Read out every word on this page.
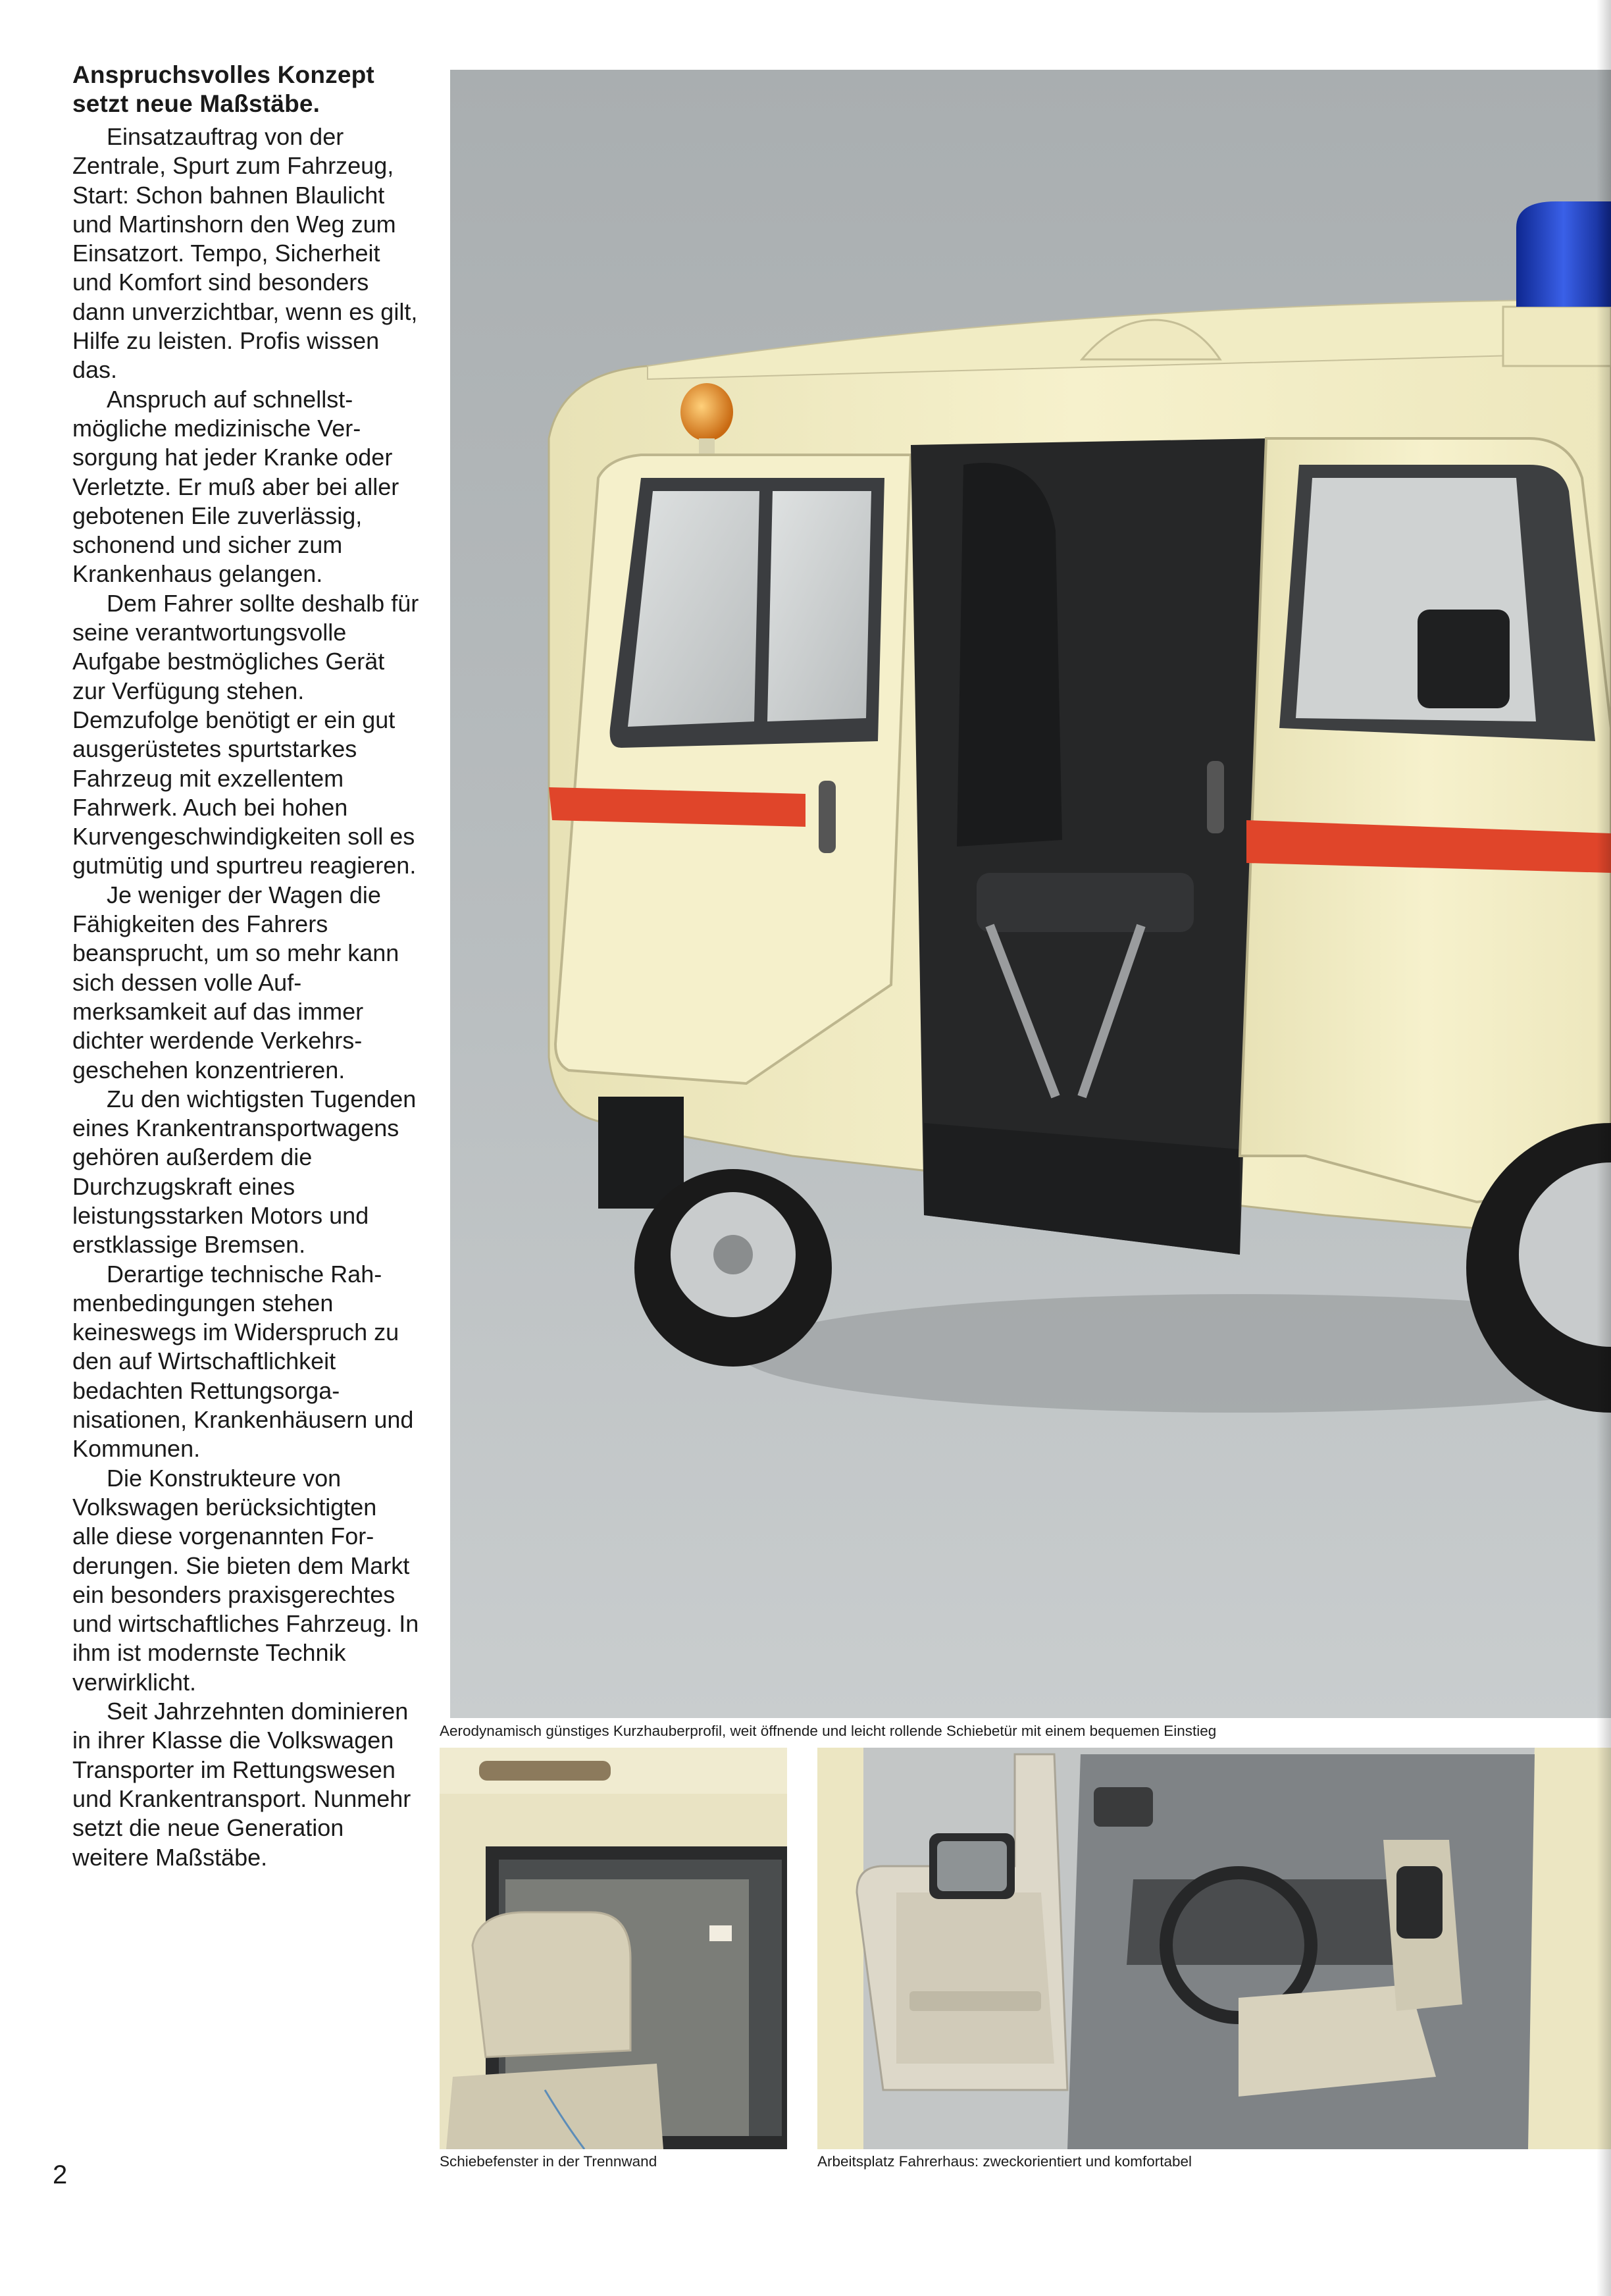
Anspruchsvolles Konzept setzt neue Maßstäbe.

Einsatzauftrag von der Zentrale, Spurt zum Fahrzeug, Start: Schon bahnen Blaulicht und Martinshorn den Weg zum Einsatzort. Tempo, Sicherheit und Komfort sind besonders dann unverzichtbar, wenn es gilt, Hilfe zu leisten. Profis wissen das.

Anspruch auf schnellstmögliche medizinische Versorgung hat jeder Kranke oder Verletzte. Er muß aber bei aller gebotenen Eile zuverlässig, schonend und sicher zum Krankenhaus gelangen.

Dem Fahrer sollte deshalb für seine verantwortungsvolle Aufgabe bestmögliches Gerät zur Verfügung stehen. Demzufolge benötigt er ein gut ausgerüstetes spurtstarkes Fahrzeug mit exzellentem Fahrwerk. Auch bei hohen Kurvengeschwindigkeiten soll es gutmütig und spurtreu reagieren.

Je weniger der Wagen die Fähigkeiten des Fahrers beansprucht, um so mehr kann sich dessen volle Aufmerksamkeit auf das immer dichter werdende Verkehrsgeschehen konzentrieren.

Zu den wichtigsten Tugenden eines Krankentransportwagens gehören außerdem die Durchzugskraft eines leistungsstarken Motors und erstklassige Bremsen.

Derartige technische Rahmenbedingungen stehen keineswegs im Widerspruch zu den auf Wirtschaftlichkeit bedachten Rettungsorganisationen, Krankenhäusern und Kommunen.

Die Konstrukteure von Volkswagen berücksichtigten alle diese vorgenannten Forderungen. Sie bieten dem Markt ein besonders praxisgerechtes und wirtschaftliches Fahrzeug. In ihm ist modernste Technik verwirklicht.

Seit Jahrzehnten dominieren in ihrer Klasse die Volkswagen Transporter im Rettungswesen und Krankentransport. Nunmehr setzt die neue Generation weitere Maßstäbe.

Aerodynamisch günstiges Kurzhauberprofil, weit öffnende und leicht rollende Schiebetür mit einem bequemen Einstieg

Schiebefenster in der Trennwand	Arbeitsplatz Fahrerhaus: zweckorientiert und komfortabel

2
